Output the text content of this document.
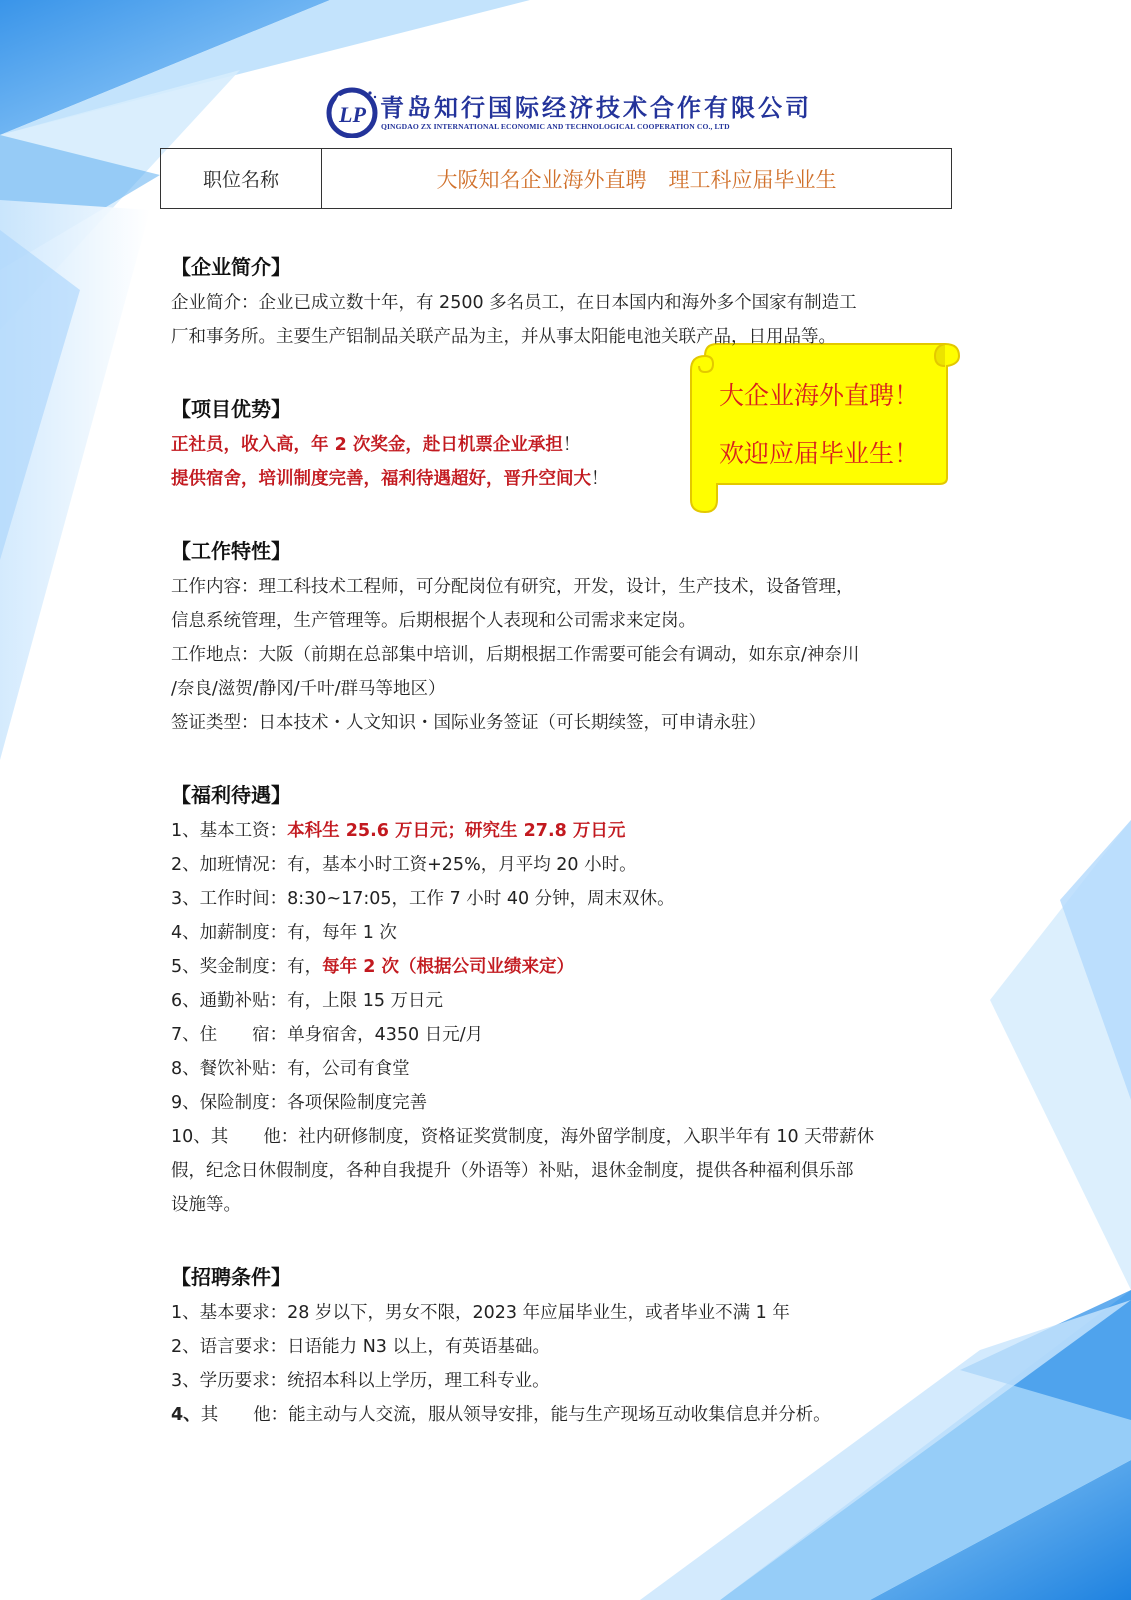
LP 青岛知行国际经济技术合作有限公司
QINGDAO ZX INTERNATIONAL ECONOMIC AND TECHNOLOGICAL COOPERATION CO., LTD
职位名称	大阪知名企业海外直聘 理工科应届毕业生
大企业海外直聘！
欢迎应届毕业生！
【企业简介】
企业简介：企业已成立数十年，有 2500 多名员工，在日本国内和海外多个国家有制造工
厂和事务所。主要生产铝制品关联产品为主，并从事太阳能电池关联产品，日用品等。
【项目优势】
正社员，收入高，年 2 次奖金，赴日机票企业承担！
提供宿舍，培训制度完善，福利待遇超好，晋升空间大！
【工作特性】
工作内容：理工科技术工程师，可分配岗位有研究，开发，设计，生产技术，设备管理，
信息系统管理，生产管理等。后期根据个人表现和公司需求来定岗。
工作地点：大阪（前期在总部集中培训，后期根据工作需要可能会有调动，如东京/神奈川
/奈良/滋贺/静冈/千叶/群马等地区）
签证类型：日本技术・人文知识・国际业务签证（可长期续签，可申请永驻）
【福利待遇】
1、基本工资：本科生 25.6 万日元；研究生 27.8 万日元
2、加班情况：有，基本小时工资+25%，月平均 20 小时。
3、工作时间：8:30~17:05，工作 7 小时 40 分钟，周末双休。
4、加薪制度：有，每年 1 次
5、奖金制度：有，每年 2 次（根据公司业绩来定）
6、通勤补贴：有，上限 15 万日元
7、住　　宿：单身宿舍，4350 日元/月
8、餐饮补贴：有，公司有食堂
9、保险制度：各项保险制度完善
10、其　　他：社内研修制度，资格证奖赏制度，海外留学制度，入职半年有 10 天带薪休
假，纪念日休假制度，各种自我提升（外语等）补贴，退休金制度，提供各种福利俱乐部
设施等。
【招聘条件】
1、基本要求：28 岁以下，男女不限，2023 年应届毕业生，或者毕业不满 1 年
2、语言要求：日语能力 N3 以上，有英语基础。
3、学历要求：统招本科以上学历，理工科专业。
4、其　　他：能主动与人交流，服从领导安排，能与生产现场互动收集信息并分析。
